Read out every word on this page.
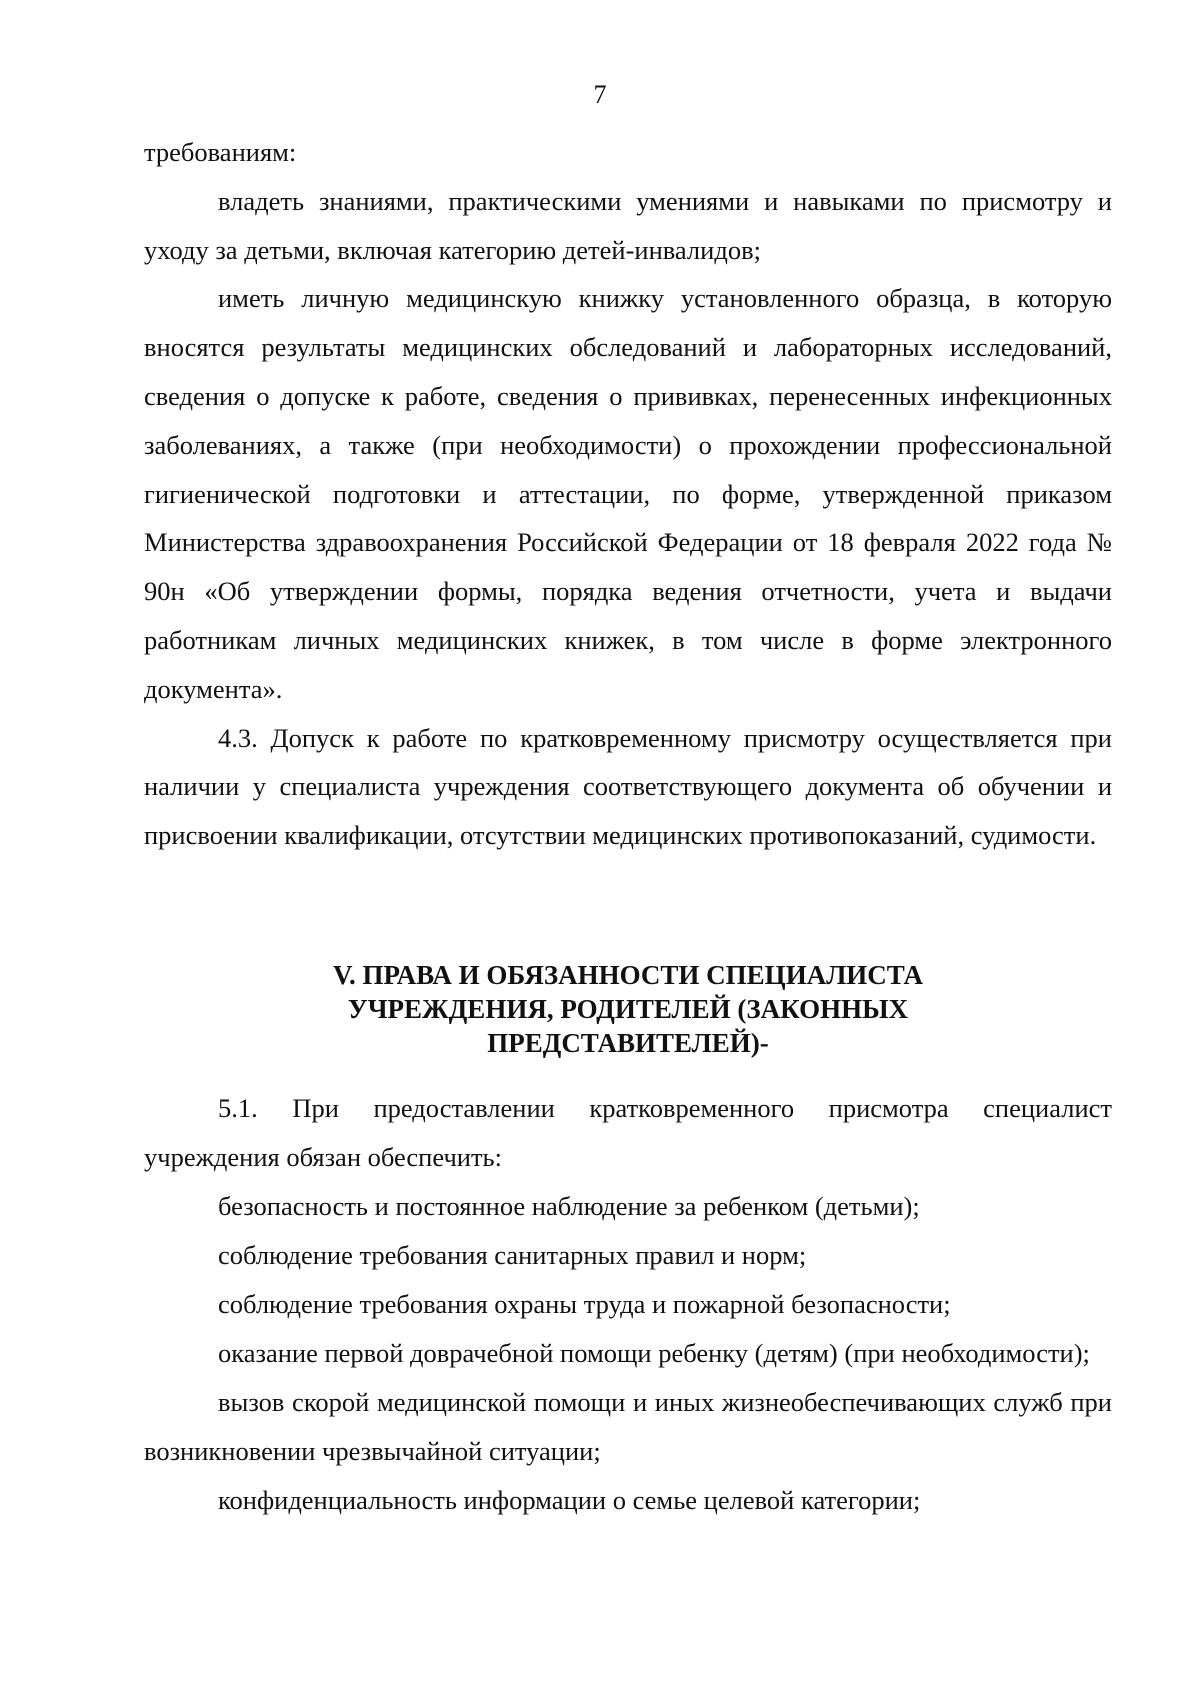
7

требованиям:

владеть знаниями, практическими умениями и навыками по присмотру и уходу за детьми, включая категорию детей-инвалидов;

иметь личную медицинскую книжку установленного образца, в которую вносятся результаты медицинских обследований и лабораторных исследований, сведения о допуске к работе, сведения о прививках, перенесенных инфекционных заболеваниях, а также (при необходимости) о прохождении профессиональной гигиенической подготовки и аттестации, по форме, утвержденной приказом Министерства здравоохранения Российской Федерации от 18 февраля 2022 года № 90н «Об утверждении формы, порядка ведения отчетности, учета и выдачи работникам личных медицинских книжек, в том числе в форме электронного документа».

4.3. Допуск к работе по кратковременному присмотру осуществляется при наличии у специалиста учреждения соответствующего документа об обучении и присвоении квалификации, отсутствии медицинских противопоказаний, судимости.

V. ПРАВА И ОБЯЗАННОСТИ СПЕЦИАЛИСТА
УЧРЕЖДЕНИЯ, РОДИТЕЛЕЙ (ЗАКОННЫХ
ПРЕДСТАВИТЕЛЕЙ)-

5.1. При предоставлении кратковременного присмотра специалист учреждения обязан обеспечить:

безопасность и постоянное наблюдение за ребенком (детьми);

соблюдение требования санитарных правил и норм;

соблюдение требования охраны труда и пожарной безопасности;

оказание первой доврачебной помощи ребенку (детям) (при необходимости);

вызов скорой медицинской помощи и иных жизнеобеспечивающих служб при возникновении чрезвычайной ситуации;

конфиденциальность информации о семье целевой категории;
